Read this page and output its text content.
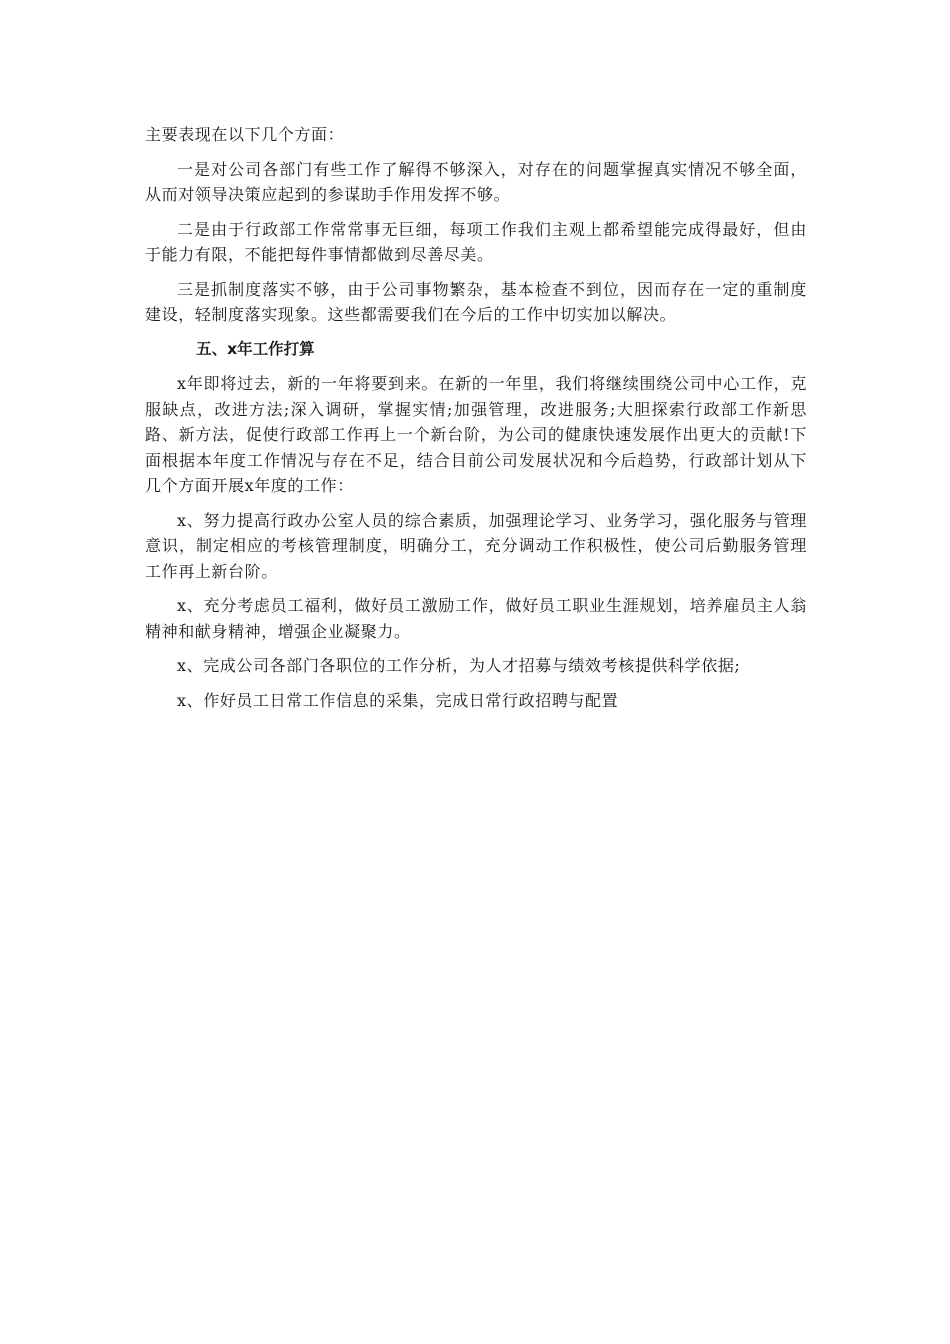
主要表现在以下几个方面：

一是对公司各部门有些工作了解得不够深入，对存在的问题掌握真实情况不够全面，从而对领导决策应起到的参谋助手作用发挥不够。

二是由于行政部工作常常事无巨细，每项工作我们主观上都希望能完成得最好，但由于能力有限，不能把每件事情都做到尽善尽美。

三是抓制度落实不够，由于公司事物繁杂，基本检查不到位，因而存在一定的重制度建设，轻制度落实现象。这些都需要我们在今后的工作中切实加以解决。

五、x年工作打算

x年即将过去，新的一年将要到来。在新的一年里，我们将继续围绕公司中心工作，克服缺点，改进方法;深入调研，掌握实情;加强管理，改进服务;大胆探索行政部工作新思路、新方法，促使行政部工作再上一个新台阶，为公司的健康快速发展作出更大的贡献!下面根据本年度工作情况与存在不足，结合目前公司发展状况和今后趋势，行政部计划从下几个方面开展x年度的工作：

x、努力提高行政办公室人员的综合素质，加强理论学习、业务学习，强化服务与管理意识，制定相应的考核管理制度，明确分工，充分调动工作积极性，使公司后勤服务管理工作再上新台阶。

x、充分考虑员工福利，做好员工激励工作，做好员工职业生涯规划，培养雇员主人翁精神和献身精神，增强企业凝聚力。

x、完成公司各部门各职位的工作分析，为人才招募与绩效考核提供科学依据;

x、作好员工日常工作信息的采集，完成日常行政招聘与配置
